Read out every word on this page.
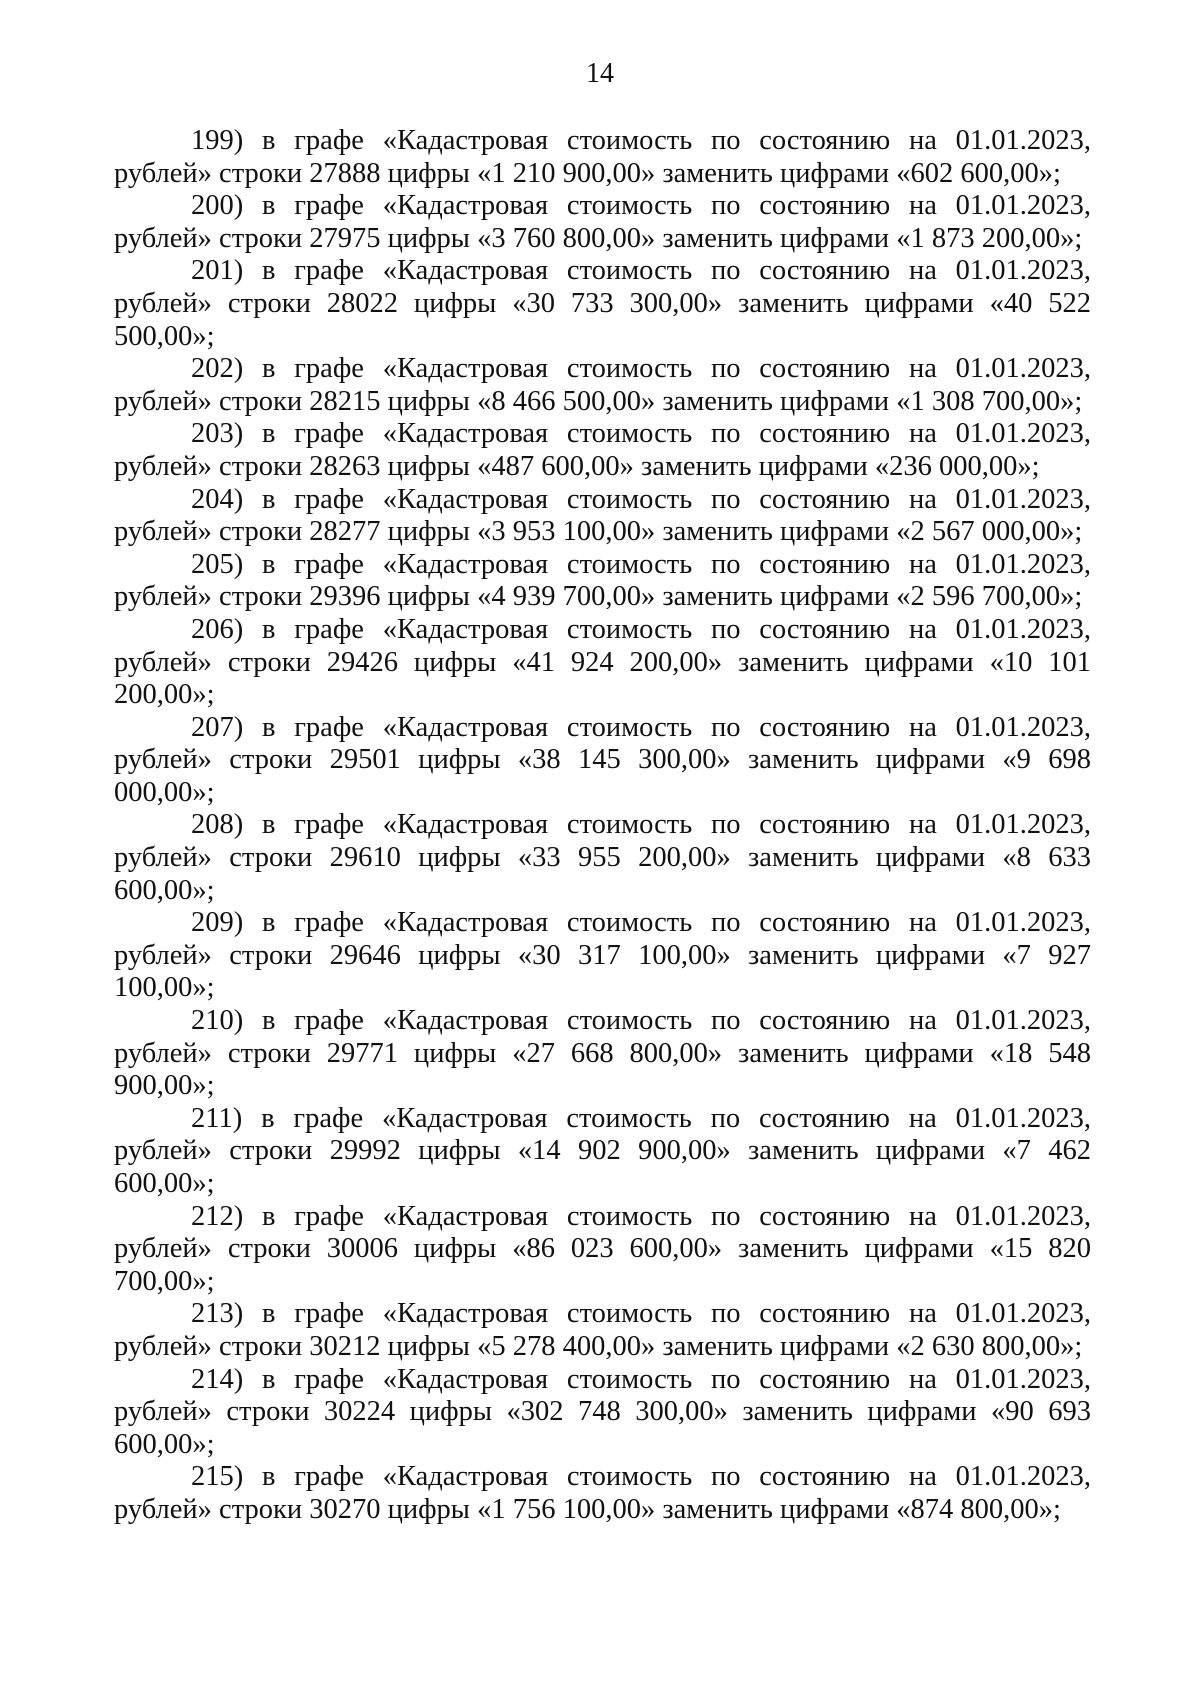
14

199) в графе «Кадастровая стоимость по состоянию на 01.01.2023, рублей» строки 27888 цифры «1 210 900,00» заменить цифрами «602 600,00»;

200) в графе «Кадастровая стоимость по состоянию на 01.01.2023, рублей» строки 27975 цифры «3 760 800,00» заменить цифрами «1 873 200,00»;

201) в графе «Кадастровая стоимость по состоянию на 01.01.2023, рублей» строки 28022 цифры «30 733 300,00» заменить цифрами «40 522 500,00»;

202) в графе «Кадастровая стоимость по состоянию на 01.01.2023, рублей» строки 28215 цифры «8 466 500,00» заменить цифрами «1 308 700,00»;

203) в графе «Кадастровая стоимость по состоянию на 01.01.2023, рублей» строки 28263 цифры «487 600,00» заменить цифрами «236 000,00»;

204) в графе «Кадастровая стоимость по состоянию на 01.01.2023, рублей» строки 28277 цифры «3 953 100,00» заменить цифрами «2 567 000,00»;

205) в графе «Кадастровая стоимость по состоянию на 01.01.2023, рублей» строки 29396 цифры «4 939 700,00» заменить цифрами «2 596 700,00»;

206) в графе «Кадастровая стоимость по состоянию на 01.01.2023, рублей» строки 29426 цифры «41 924 200,00» заменить цифрами «10 101 200,00»;

207) в графе «Кадастровая стоимость по состоянию на 01.01.2023, рублей» строки 29501 цифры «38 145 300,00» заменить цифрами «9 698 000,00»;

208) в графе «Кадастровая стоимость по состоянию на 01.01.2023, рублей» строки 29610 цифры «33 955 200,00» заменить цифрами «8 633 600,00»;

209) в графе «Кадастровая стоимость по состоянию на 01.01.2023, рублей» строки 29646 цифры «30 317 100,00» заменить цифрами «7 927 100,00»;

210) в графе «Кадастровая стоимость по состоянию на 01.01.2023, рублей» строки 29771 цифры «27 668 800,00» заменить цифрами «18 548 900,00»;

211) в графе «Кадастровая стоимость по состоянию на 01.01.2023, рублей» строки 29992 цифры «14 902 900,00» заменить цифрами «7 462 600,00»;

212) в графе «Кадастровая стоимость по состоянию на 01.01.2023, рублей» строки 30006 цифры «86 023 600,00» заменить цифрами «15 820 700,00»;

213) в графе «Кадастровая стоимость по состоянию на 01.01.2023, рублей» строки 30212 цифры «5 278 400,00» заменить цифрами «2 630 800,00»;

214) в графе «Кадастровая стоимость по состоянию на 01.01.2023, рублей» строки 30224 цифры «302 748 300,00» заменить цифрами «90 693 600,00»;

215) в графе «Кадастровая стоимость по состоянию на 01.01.2023, рублей» строки 30270 цифры «1 756 100,00» заменить цифрами «874 800,00»;
